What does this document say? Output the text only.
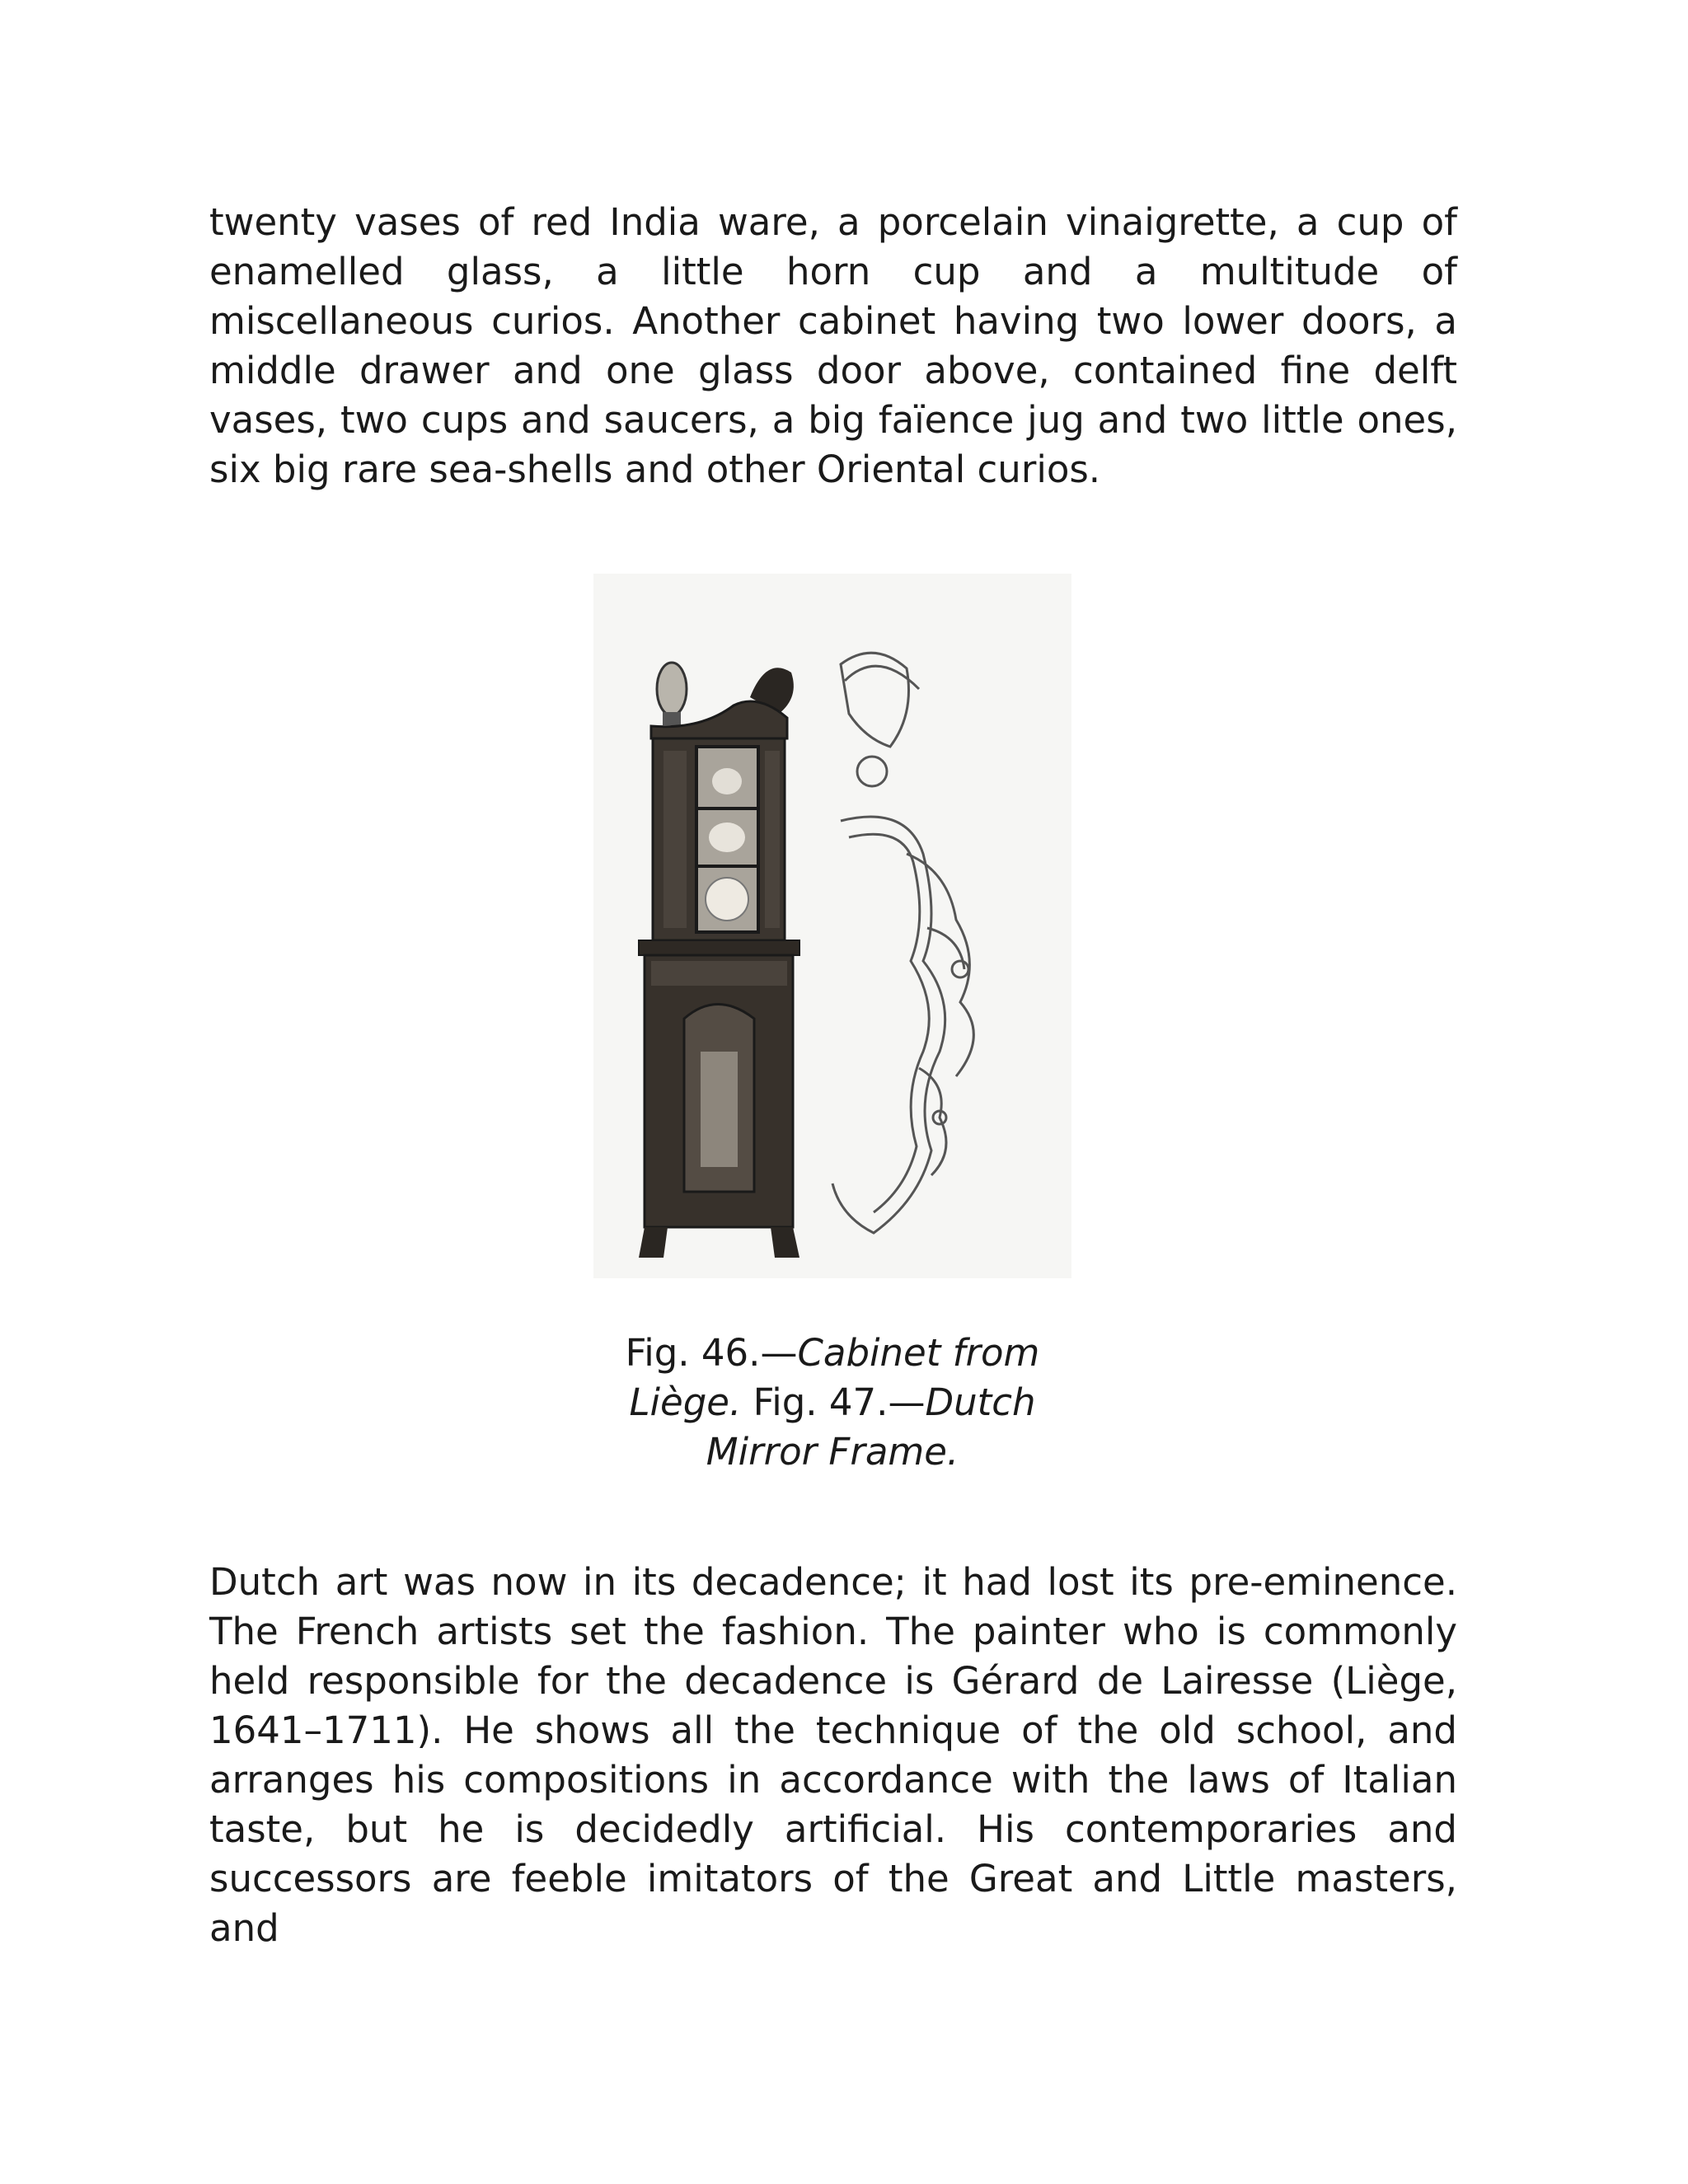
twenty vases of red India ware, a porcelain vinaigrette, a cup of enamelled glass, a little horn cup and a multitude of miscellaneous curios. Another cabinet having two lower doors, a middle drawer and one glass door above, contained fine delft vases, two cups and saucers, a big faïence jug and two little ones, six big rare sea-shells and other Oriental curios.

Fig. 46.—Cabinet from Liège. Fig. 47.—Dutch Mirror Frame.

Dutch art was now in its decadence; it had lost its pre-eminence. The French artists set the fashion. The painter who is commonly held responsible for the decadence is Gérard de Lairesse (Liège, 1641–1711). He shows all the technique of the old school, and arranges his compositions in accordance with the laws of Italian taste, but he is decidedly artificial. His contemporaries and successors are feeble imitators of the Great and Little masters, and
